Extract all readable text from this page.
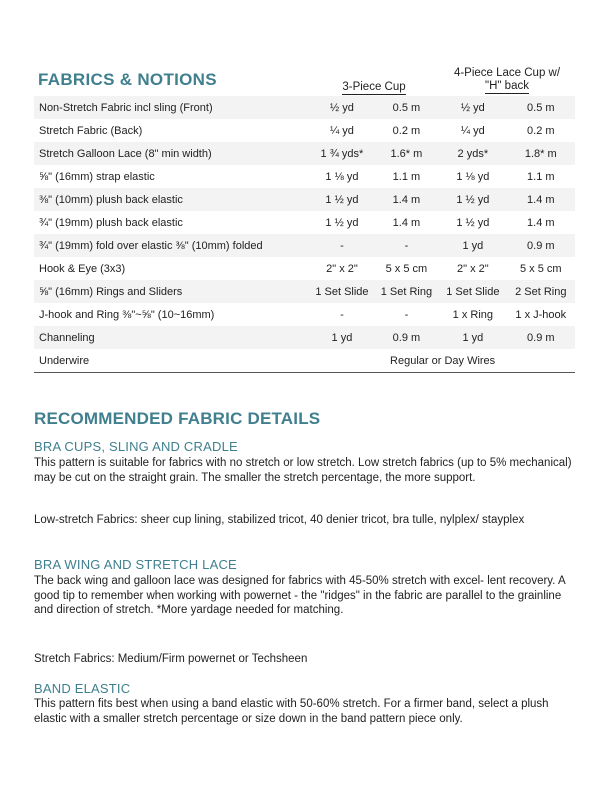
FABRICS & NOTIONS	3-Piece Cup
4-Piece Lace Cup w/
"H" back
Non-Stretch Fabric incl sling (Front)	½ yd	0.5 m	½ yd	0.5 m
Stretch Fabric (Back)	¼ yd	0.2 m	¼ yd	0.2 m
Stretch Galloon Lace (8" min width)	1 ¾ yds*	1.6* m	2 yds*	1.8* m
⅝" (16mm) strap elastic	1 ⅛ yd	1.1 m	1 ⅛ yd	1.1 m
⅜" (10mm) plush back elastic	1 ½ yd	1.4 m	1 ½ yd	1.4 m
¾" (19mm) plush back elastic	1 ½ yd	1.4 m	1 ½ yd	1.4 m
¾" (19mm) fold over elastic ⅜" (10mm) folded	-	-	1 yd	0.9 m
Hook & Eye (3x3)	2" x 2"	5 x 5 cm	2" x 2"	5 x 5 cm
⅝" (16mm) Rings and Sliders	1 Set Slide	1 Set Ring	1 Set Slide	2 Set Ring
J-hook and Ring ⅜"~⅝" (10~16mm)	-	-	1 x Ring	1 x J-hook
Channeling	1 yd	0.9 m	1 yd	0.9 m
Underwire	Regular or Day Wires			
RECOMMENDED FABRIC DETAILS
BRA CUPS, SLING AND CRADLE
This pattern is suitable for fabrics with no stretch or low stretch. Low stretch fabrics (up to 5% mechanical) may be cut on the straight grain. The smaller the stretch percentage, the more support.
Low-stretch Fabrics: sheer cup lining, stabilized tricot, 40 denier tricot, bra tulle, nylplex/ stayplex
BRA WING AND STRETCH LACE
The back wing and galloon lace was designed for fabrics with 45-50% stretch with excel- lent recovery. A good tip to remember when working with powernet - the "ridges" in the fabric are parallel to the grainline and direction of stretch. *More yardage needed for matching.
Stretch Fabrics: Medium/Firm powernet or Techsheen
BAND ELASTIC
This pattern fits best when using a band elastic with 50-60% stretch. For a firmer band, select a plush elastic with a smaller stretch percentage or size down in the band pattern piece only.
